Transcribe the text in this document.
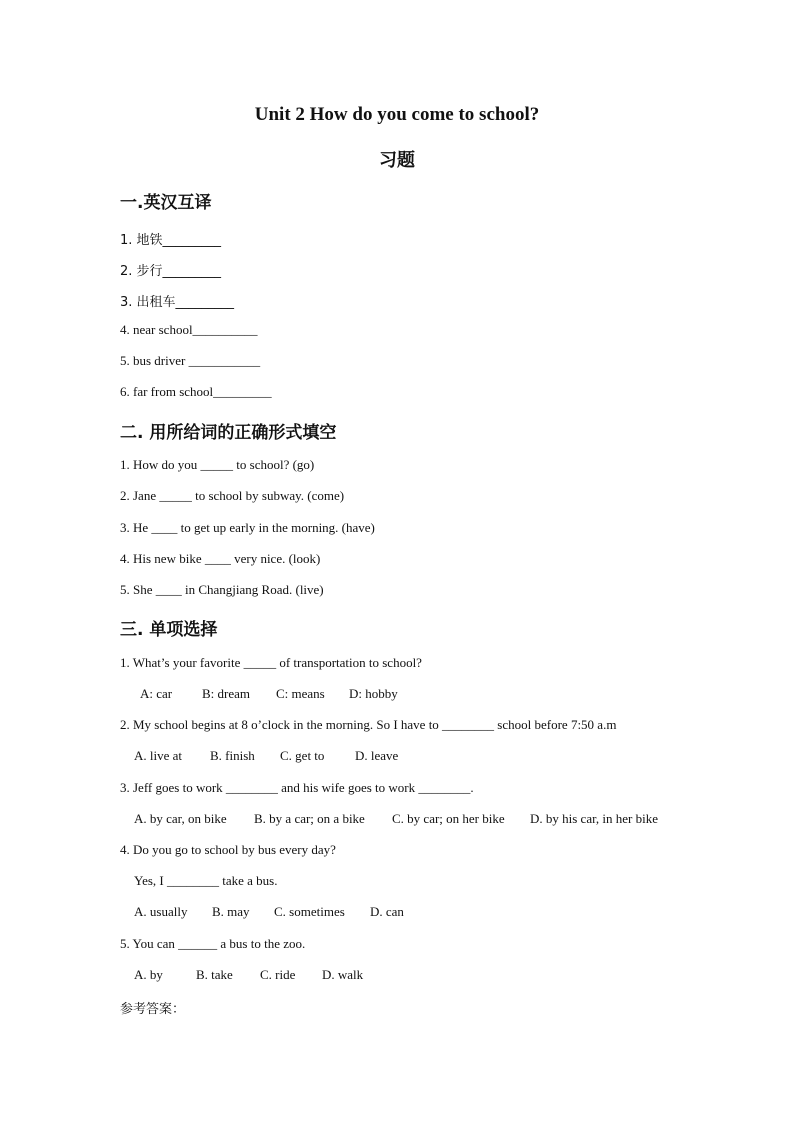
Unit 2 How do you come to school?
习题
一.英汉互译
1. 地铁_________
2. 步行_________
3. 出租车_________
4. near school__________
5. bus driver ___________
6. far from school_________
二. 用所给词的正确形式填空
1. How do you _____ to school? (go)
2. Jane _____ to school by subway. (come)
3. He ____ to get up early in the morning. (have)
4. His new bike ____ very nice. (look)
5. She ____ in Changjiang Road. (live)
三. 单项选择
1. What’s your favorite _____ of transportation to school?
A: car B: dream C: means D: hobby
2. My school begins at 8 o’clock in the morning. So I have to ________ school before 7:50 a.m
A. live at B. finish C. get to D. leave
3. Jeff goes to work ________ and his wife goes to work ________.
A. by car, on bike B. by a car; on a bike C. by car; on her bike D. by his car, in her bike
4. Do you go to school by bus every day?
Yes, I ________ take a bus.
A. usually B. may C. sometimes D. can
5. You can ______ a bus to the zoo.
A. by	B. take C. ride D. walk
参考答案：
